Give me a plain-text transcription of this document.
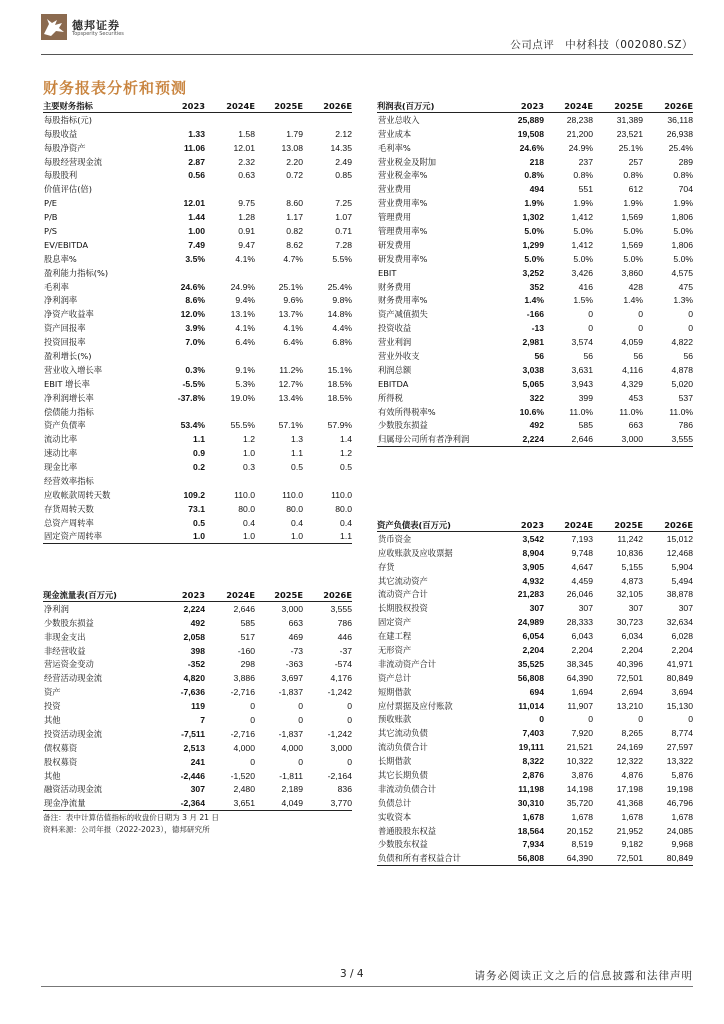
德邦证券
Topsperity Securities
公司点评　中材科技（002080.SZ）
财务报表分析和预测
主要财务指标	2023	2024E	2025E	2026E
每股指标(元)				
每股收益	1.33	1.58	1.79	2.12
每股净资产	11.06	12.01	13.08	14.35
每股经营现金流	2.87	2.32	2.20	2.49
每股股利	0.56	0.63	0.72	0.85
价值评估(倍)				
P/E	12.01	9.75	8.60	7.25
P/B	1.44	1.28	1.17	1.07
P/S	1.00	0.91	0.82	0.71
EV/EBITDA	7.49	9.47	8.62	7.28
股息率%	3.5%	4.1%	4.7%	5.5%
盈利能力指标(%)				
毛利率	24.6%	24.9%	25.1%	25.4%
净利润率	8.6%	9.4%	9.6%	9.8%
净资产收益率	12.0%	13.1%	13.7%	14.8%
资产回报率	3.9%	4.1%	4.1%	4.4%
投资回报率	7.0%	6.4%	6.4%	6.8%
盈利增长(%)				
营业收入增长率	0.3%	9.1%	11.2%	15.1%
EBIT 增长率	-5.5%	5.3%	12.7%	18.5%
净利润增长率	-37.8%	19.0%	13.4%	18.5%
偿债能力指标				
资产负债率	53.4%	55.5%	57.1%	57.9%
流动比率	1.1	1.2	1.3	1.4
速动比率	0.9	1.0	1.1	1.2
现金比率	0.2	0.3	0.5	0.5
经营效率指标				
应收帐款周转天数	109.2	110.0	110.0	110.0
存货周转天数	73.1	80.0	80.0	80.0
总资产周转率	0.5	0.4	0.4	0.4
固定资产周转率	1.0	1.0	1.0	1.1
利润表(百万元)	2023	2024E	2025E	2026E
营业总收入	25,889	28,238	31,389	36,118
营业成本	19,508	21,200	23,521	26,938
毛利率%	24.6%	24.9%	25.1%	25.4%
营业税金及附加	218	237	257	289
营业税金率%	0.8%	0.8%	0.8%	0.8%
营业费用	494	551	612	704
营业费用率%	1.9%	1.9%	1.9%	1.9%
管理费用	1,302	1,412	1,569	1,806
管理费用率%	5.0%	5.0%	5.0%	5.0%
研发费用	1,299	1,412	1,569	1,806
研发费用率%	5.0%	5.0%	5.0%	5.0%
EBIT	3,252	3,426	3,860	4,575
财务费用	352	416	428	475
财务费用率%	1.4%	1.5%	1.4%	1.3%
资产减值损失	-166	0	0	0
投资收益	-13	0	0	0
营业利润	2,981	3,574	4,059	4,822
营业外收支	56	56	56	56
利润总额	3,038	3,631	4,116	4,878
EBITDA	5,065	3,943	4,329	5,020
所得税	322	399	453	537
有效所得税率%	10.6%	11.0%	11.0%	11.0%
少数股东损益	492	585	663	786
归属母公司所有者净利润	2,224	2,646	3,000	3,555
资产负债表(百万元)	2023	2024E	2025E	2026E
货币资金	3,542	7,193	11,242	15,012
应收账款及应收票据	8,904	9,748	10,836	12,468
存货	3,905	4,647	5,155	5,904
其它流动资产	4,932	4,459	4,873	5,494
流动资产合计	21,283	26,046	32,105	38,878
长期股权投资	307	307	307	307
固定资产	24,989	28,333	30,723	32,634
在建工程	6,054	6,043	6,034	6,028
无形资产	2,204	2,204	2,204	2,204
非流动资产合计	35,525	38,345	40,396	41,971
资产总计	56,808	64,390	72,501	80,849
短期借款	694	1,694	2,694	3,694
应付票据及应付账款	11,014	11,907	13,210	15,130
预收账款	0	0	0	0
其它流动负债	7,403	7,920	8,265	8,774
流动负债合计	19,111	21,521	24,169	27,597
长期借款	8,322	10,322	12,322	13,322
其它长期负债	2,876	3,876	4,876	5,876
非流动负债合计	11,198	14,198	17,198	19,198
负债总计	30,310	35,720	41,368	46,796
实收资本	1,678	1,678	1,678	1,678
普通股股东权益	18,564	20,152	21,952	24,085
少数股东权益	7,934	8,519	9,182	9,968
负债和所有者权益合计	56,808	64,390	72,501	80,849
现金流量表(百万元)	2023	2024E	2025E	2026E
净利润	2,224	2,646	3,000	3,555
少数股东损益	492	585	663	786
非现金支出	2,058	517	469	446
非经营收益	398	-160	-73	-37
营运资金变动	-352	298	-363	-574
经营活动现金流	4,820	3,886	3,697	4,176
资产	-7,636	-2,716	-1,837	-1,242
投资	119	0	0	0
其他	7	0	0	0
投资活动现金流	-7,511	-2,716	-1,837	-1,242
债权募资	2,513	4,000	4,000	3,000
股权募资	241	0	0	0
其他	-2,446	-1,520	-1,811	-2,164
融资活动现金流	307	2,480	2,189	836
现金净流量	-2,364	3,651	4,049	3,770
备注：表中计算估值指标的收盘价日期为 3 月 21 日
资料来源：公司年报（2022-2023），德邦研究所
3 / 4	请务必阅读正文之后的信息披露和法律声明
